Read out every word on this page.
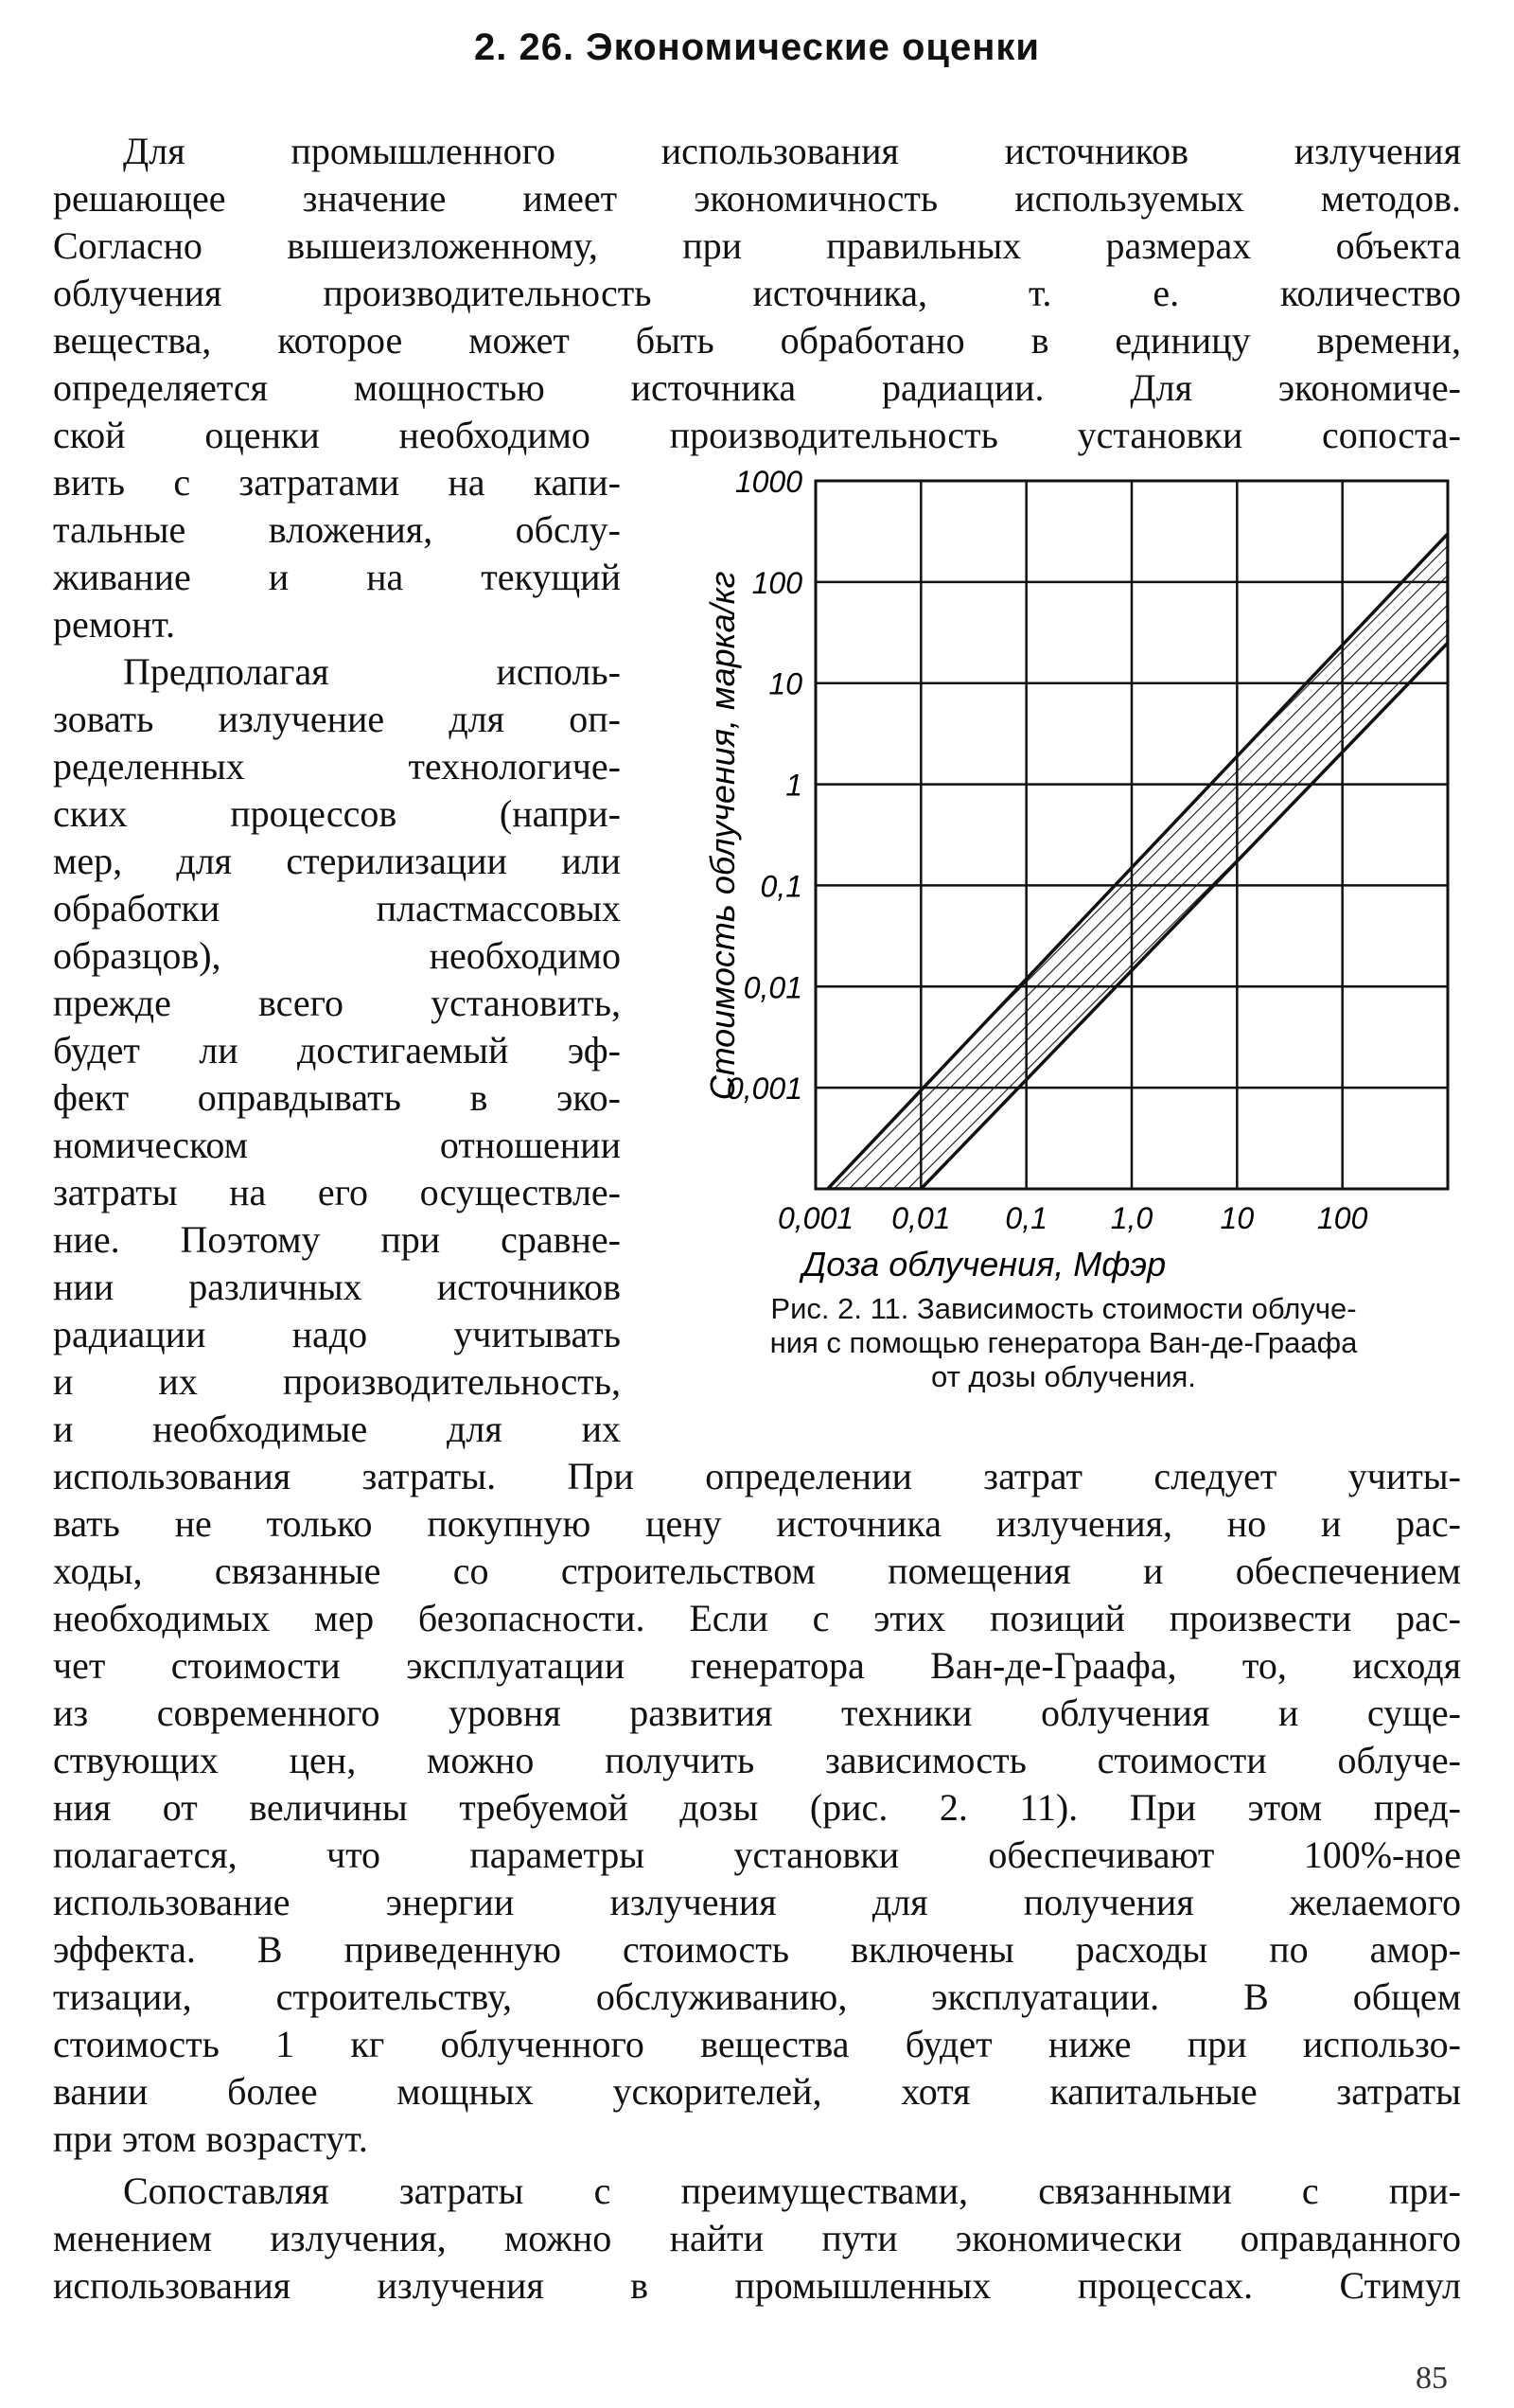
2. 26. Экономические оценки
Для промышленного использования источников излучения
решающее значение имеет экономичность используемых методов.
Согласно вышеизложенному, при правильных размерах объекта
облучения производительность источника, т. е. количество
вещества, которое может быть обработано в единицу времени,
определяется мощностью источника радиации. Для экономиче-
ской оценки необходимо производительность установки сопоста-
вить с затратами на капи-
тальные вложения, обслу-
живание и на текущий
ремонт.
Предполагая исполь-
зовать излучение для оп-
ределенных технологиче-
ских процессов (напри-
мер, для стерилизации или
обработки пластмассовых
образцов), необходимо
прежде всего установить,
будет ли достигаемый эф-
фект оправдывать в эко-
номическом отношении
затраты на его осуществле-
ние. Поэтому при сравне-
нии различных источников
радиации надо учитывать
и их производительность,
и необходимые для их
использования затраты. При определении затрат следует учиты-
вать не только покупную цену источника излучения, но и рас-
ходы, связанные со строительством помещения и обеспечением
необходимых мер безопасности. Если с этих позиций произвести рас-
чет стоимости эксплуатации генератора Ван-де-Граафа, то, исходя
из современного уровня развития техники облучения и суще-
ствующих цен, можно получить зависимость стоимости облуче-
ния от величины требуемой дозы (рис. 2. 11). При этом пред-
полагается, что параметры установки обеспечивают 100%-ное
использование энергии излучения для получения желаемого
эффекта. В приведенную стоимость включены расходы по амор-
тизации, строительству, обслуживанию, эксплуатации. В общем
стоимость 1 кг облученного вещества будет ниже при использо-
вании более мощных ускорителей, хотя капитальные затраты
при этом возрастут.
Сопоставляя затраты с преимуществами, связанными с при-
менением излучения, можно найти пути экономически оправданного
использования излучения в промышленных процессах. Стимул
0,001 0,01 0,1 1,0 10 100
1000
100
10
1
0,1
0,01
0,001
Доза облучения, Мфэр
Стоимость облучения, марка/кг
Рис. 2. 11. Зависимость стоимости облуче-
ния с помощью генератора Ван-де-Граафа
от дозы облучения.
85
